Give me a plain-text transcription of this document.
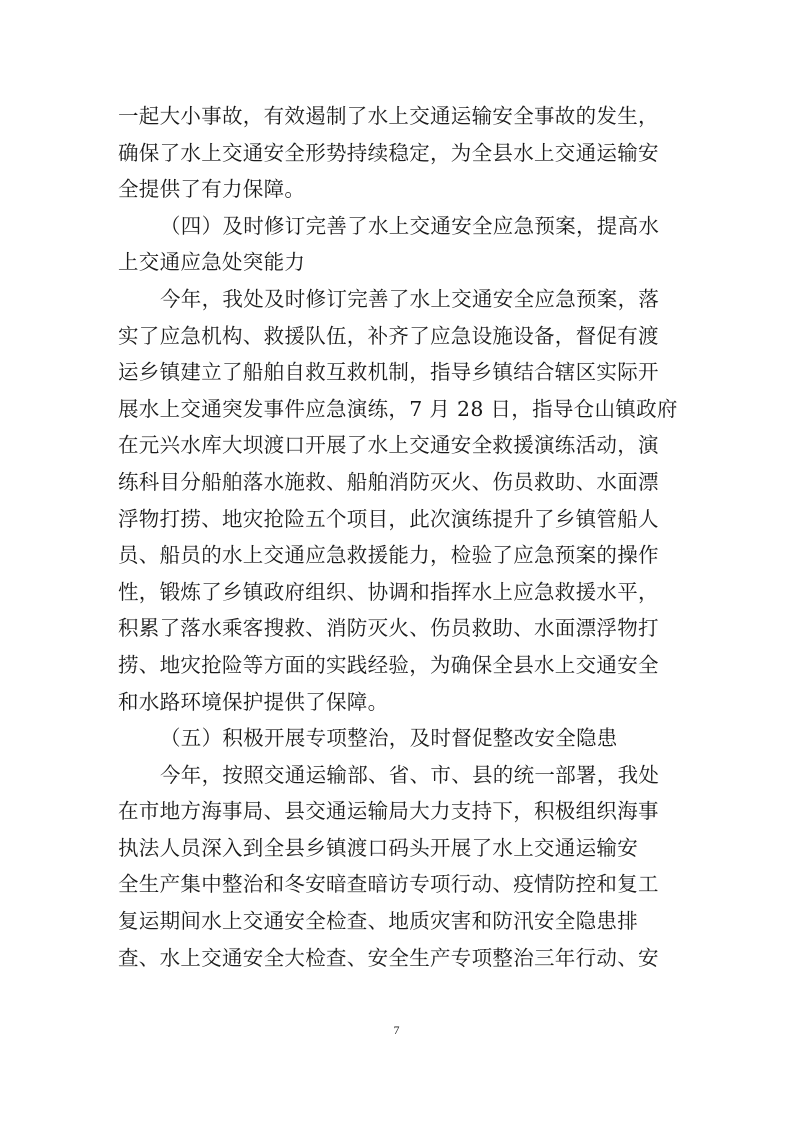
一起大小事故，有效遏制了水上交通运输安全事故的发生，
确保了水上交通安全形势持续稳定，为全县水上交通运输安
全提供了有力保障。
（四）及时修订完善了水上交通安全应急预案，提高水
上交通应急处突能力
今年，我处及时修订完善了水上交通安全应急预案，落
实了应急机构、救援队伍，补齐了应急设施设备，督促有渡
运乡镇建立了船舶自救互救机制，指导乡镇结合辖区实际开
展水上交通突发事件应急演练，7 月 28 日，指导仓山镇政府
在元兴水库大坝渡口开展了水上交通安全救援演练活动，演
练科目分船舶落水施救、船舶消防灭火、伤员救助、水面漂
浮物打捞、地灾抢险五个项目，此次演练提升了乡镇管船人
员、船员的水上交通应急救援能力，检验了应急预案的操作
性，锻炼了乡镇政府组织、协调和指挥水上应急救援水平，
积累了落水乘客搜救、消防灭火、伤员救助、水面漂浮物打
捞、地灾抢险等方面的实践经验，为确保全县水上交通安全
和水路环境保护提供了保障。
（五）积极开展专项整治，及时督促整改安全隐患
今年，按照交通运输部、省、市、县的统一部署，我处
在市地方海事局、县交通运输局大力支持下，积极组织海事
执法人员深入到全县乡镇渡口码头开展了水上交通运输安
全生产集中整治和冬安暗查暗访专项行动、疫情防控和复工
复运期间水上交通安全检查、地质灾害和防汛安全隐患排
查、水上交通安全大检查、安全生产专项整治三年行动、安
7
